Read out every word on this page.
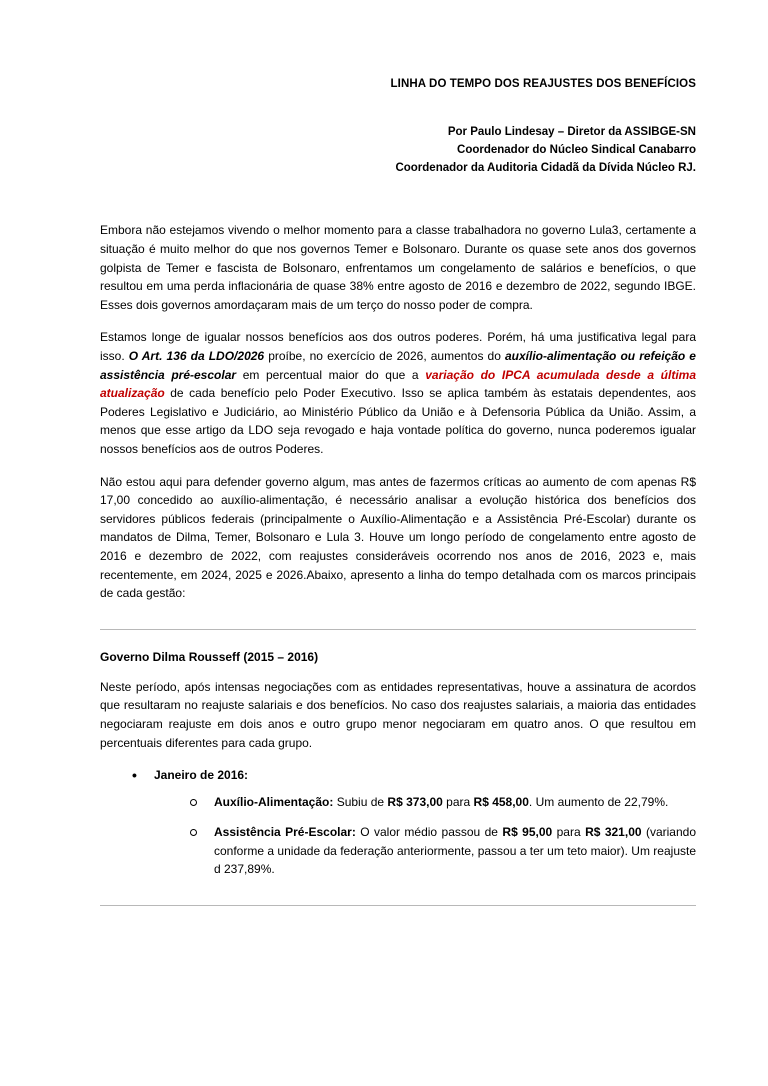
LINHA DO TEMPO DOS REAJUSTES DOS BENEFÍCIOS
Por Paulo Lindesay – Diretor da ASSIBGE-SN
Coordenador do Núcleo Sindical Canabarro
Coordenador da Auditoria Cidadã da Dívida Núcleo RJ.

Embora não estejamos vivendo o melhor momento para a classe trabalhadora no governo Lula3, certamente a situação é muito melhor do que nos governos Temer e Bolsonaro. Durante os quase sete anos dos governos golpista de Temer e fascista de Bolsonaro, enfrentamos um congelamento de salários e benefícios, o que resultou em uma perda inflacionária de quase 38% entre agosto de 2016 e dezembro de 2022, segundo IBGE. Esses dois governos amordaçaram mais de um terço do nosso poder de compra.

Estamos longe de igualar nossos benefícios aos dos outros poderes. Porém, há uma justificativa legal para isso. O Art. 136 da LDO/2026 proíbe, no exercício de 2026, aumentos do auxílio-alimentação ou refeição e assistência pré-escolar em percentual maior do que a variação do IPCA acumulada desde a última atualização de cada benefício pelo Poder Executivo. Isso se aplica também às estatais dependentes, aos Poderes Legislativo e Judiciário, ao Ministério Público da União e à Defensoria Pública da União. Assim, a menos que esse artigo da LDO seja revogado e haja vontade política do governo, nunca poderemos igualar nossos benefícios aos de outros Poderes.

Não estou aqui para defender governo algum, mas antes de fazermos críticas ao aumento de com apenas R$ 17,00 concedido ao auxílio-alimentação, é necessário analisar a evolução histórica dos benefícios dos servidores públicos federais (principalmente o Auxílio-Alimentação e a Assistência Pré-Escolar) durante os mandatos de Dilma, Temer, Bolsonaro e Lula 3. Houve um longo período de congelamento entre agosto de 2016 e dezembro de 2022, com reajustes consideráveis ocorrendo nos anos de 2016, 2023 e, mais recentemente, em 2024, 2025 e 2026.Abaixo, apresento a linha do tempo detalhada com os marcos principais de cada gestão:

Governo Dilma Rousseff (2015 – 2016)

Neste período, após intensas negociações com as entidades representativas, houve a assinatura de acordos que resultaram no reajuste salariais e dos benefícios. No caso dos reajustes salariais, a maioria das entidades negociaram reajuste em dois anos e outro grupo menor negociaram em quatro anos. O que resultou em percentuais diferentes para cada grupo.

• Janeiro de 2016:
Auxílio-Alimentação: Subiu de R$ 373,00 para R$ 458,00. Um aumento de 22,79%.
Assistência Pré-Escolar: O valor médio passou de R$ 95,00 para R$ 321,00 (variando conforme a unidade da federação anteriormente, passou a ter um teto maior). Um reajuste d 237,89%.
